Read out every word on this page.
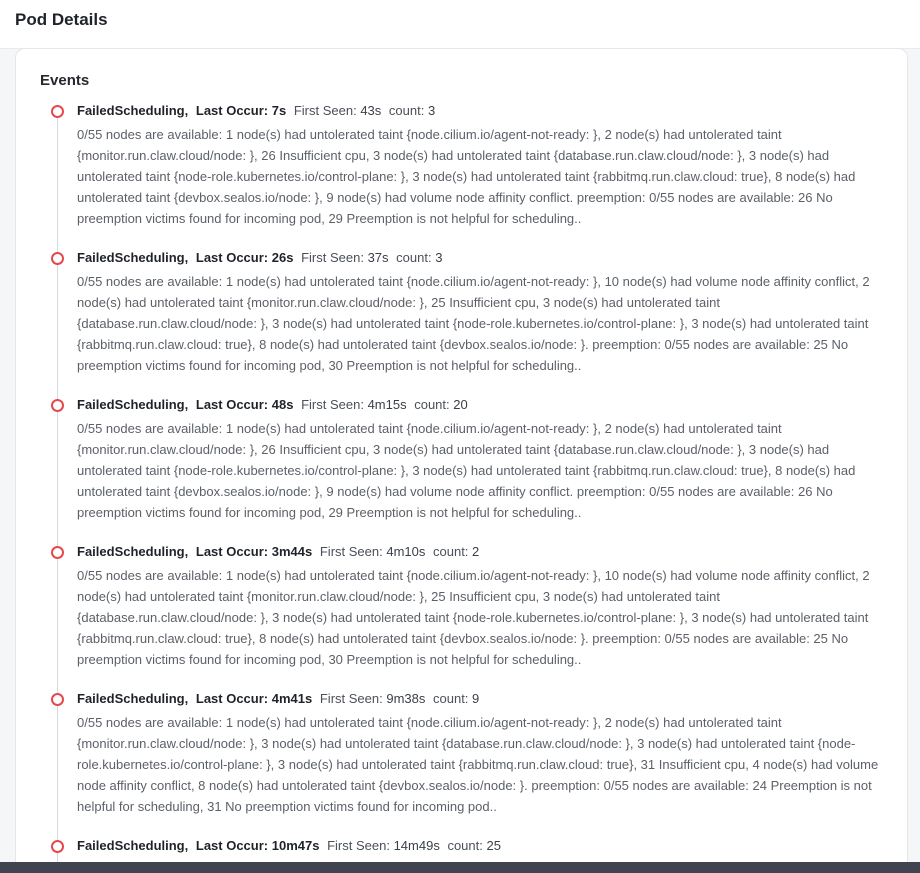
Pod Details
Events
FailedScheduling, Last Occur: 7s First Seen: 43s count: 3
0/55 nodes are available: 1 node(s) had untolerated taint {node.cilium.io/agent-not-ready: }, 2 node(s) had untolerated taint {monitor.run.claw.cloud/node: }, 26 Insufficient cpu, 3 node(s) had untolerated taint {database.run.claw.cloud/node: }, 3 node(s) had untolerated taint {node-role.kubernetes.io/control-plane: }, 3 node(s) had untolerated taint {rabbitmq.run.claw.cloud: true}, 8 node(s) had untolerated taint {devbox.sealos.io/node: }, 9 node(s) had volume node affinity conflict. preemption: 0/55 nodes are available: 26 No preemption victims found for incoming pod, 29 Preemption is not helpful for scheduling..
FailedScheduling, Last Occur: 26s First Seen: 37s count: 3
0/55 nodes are available: 1 node(s) had untolerated taint {node.cilium.io/agent-not-ready: }, 10 node(s) had volume node affinity conflict, 2 node(s) had untolerated taint {monitor.run.claw.cloud/node: }, 25 Insufficient cpu, 3 node(s) had untolerated taint {database.run.claw.cloud/node: }, 3 node(s) had untolerated taint {node-role.kubernetes.io/control-plane: }, 3 node(s) had untolerated taint {rabbitmq.run.claw.cloud: true}, 8 node(s) had untolerated taint {devbox.sealos.io/node: }. preemption: 0/55 nodes are available: 25 No preemption victims found for incoming pod, 30 Preemption is not helpful for scheduling..
FailedScheduling, Last Occur: 48s First Seen: 4m15s count: 20
0/55 nodes are available: 1 node(s) had untolerated taint {node.cilium.io/agent-not-ready: }, 2 node(s) had untolerated taint {monitor.run.claw.cloud/node: }, 26 Insufficient cpu, 3 node(s) had untolerated taint {database.run.claw.cloud/node: }, 3 node(s) had untolerated taint {node-role.kubernetes.io/control-plane: }, 3 node(s) had untolerated taint {rabbitmq.run.claw.cloud: true}, 8 node(s) had untolerated taint {devbox.sealos.io/node: }, 9 node(s) had volume node affinity conflict. preemption: 0/55 nodes are available: 26 No preemption victims found for incoming pod, 29 Preemption is not helpful for scheduling..
FailedScheduling, Last Occur: 3m44s First Seen: 4m10s count: 2
0/55 nodes are available: 1 node(s) had untolerated taint {node.cilium.io/agent-not-ready: }, 10 node(s) had volume node affinity conflict, 2 node(s) had untolerated taint {monitor.run.claw.cloud/node: }, 25 Insufficient cpu, 3 node(s) had untolerated taint {database.run.claw.cloud/node: }, 3 node(s) had untolerated taint {node-role.kubernetes.io/control-plane: }, 3 node(s) had untolerated taint {rabbitmq.run.claw.cloud: true}, 8 node(s) had untolerated taint {devbox.sealos.io/node: }. preemption: 0/55 nodes are available: 25 No preemption victims found for incoming pod, 30 Preemption is not helpful for scheduling..
FailedScheduling, Last Occur: 4m41s First Seen: 9m38s count: 9
0/55 nodes are available: 1 node(s) had untolerated taint {node.cilium.io/agent-not-ready: }, 2 node(s) had untolerated taint {monitor.run.claw.cloud/node: }, 3 node(s) had untolerated taint {database.run.claw.cloud/node: }, 3 node(s) had untolerated taint {node-role.kubernetes.io/control-plane: }, 3 node(s) had untolerated taint {rabbitmq.run.claw.cloud: true}, 31 Insufficient cpu, 4 node(s) had volume node affinity conflict, 8 node(s) had untolerated taint {devbox.sealos.io/node: }. preemption: 0/55 nodes are available: 24 Preemption is not helpful for scheduling, 31 No preemption victims found for incoming pod..
FailedScheduling, Last Occur: 10m47s First Seen: 14m49s count: 25
